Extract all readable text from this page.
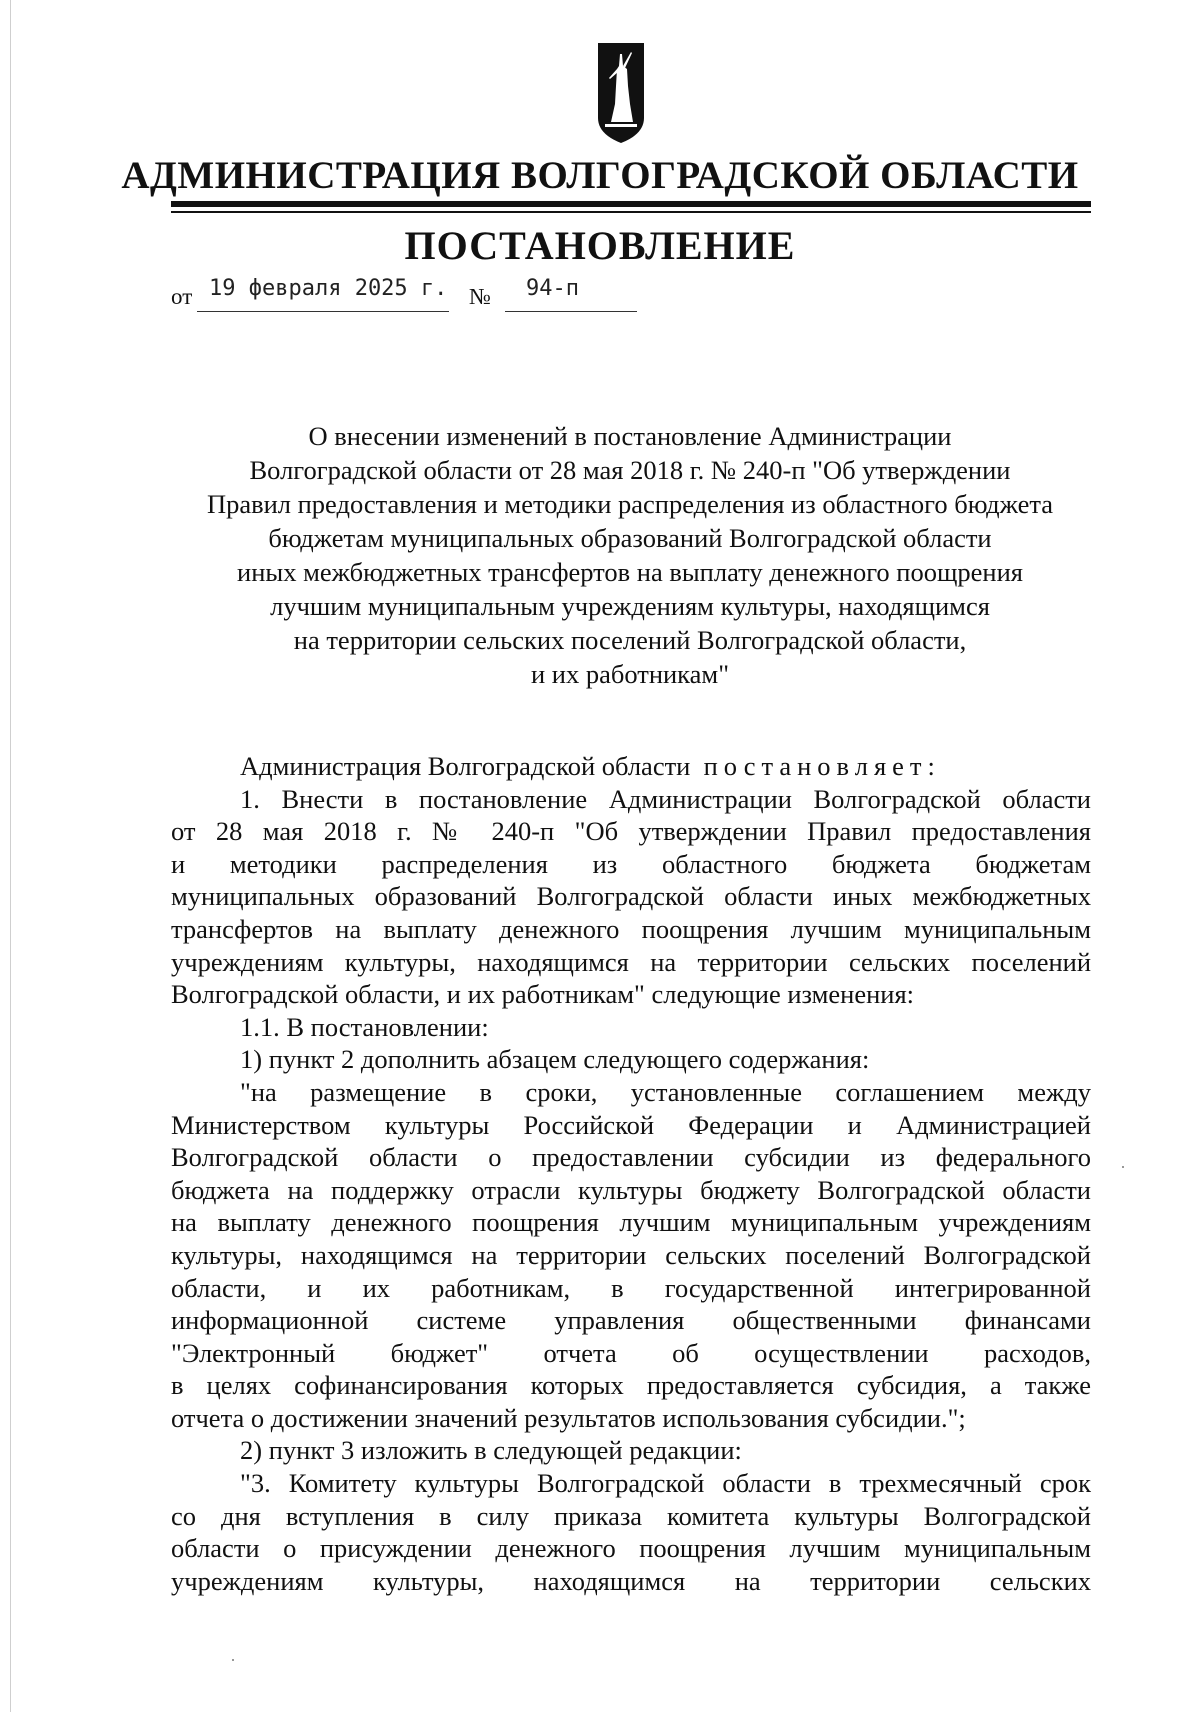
АДМИНИСТРАЦИЯ ВОЛГОГРАДСКОЙ ОБЛАСТИ
ПОСТАНОВЛЕНИЕ
от 19 февраля 2025 г. № 94-п
О внесении изменений в постановление Администрации
Волгоградской области от 28 мая 2018 г. № 240-п "Об утверждении
Правил предоставления и методики распределения из областного бюджета
бюджетам муниципальных образований Волгоградской области
иных межбюджетных трансфертов на выплату денежного поощрения
лучшим муниципальным учреждениям культуры, находящимся
на территории сельских поселений Волгоградской области,
и их работникам"
Администрация Волгоградской области постановляет:
1. Внести в постановление Администрации Волгоградской области
от 28 мая 2018 г. № 240-п "Об утверждении Правил предоставления
и методики распределения из областного бюджета бюджетам
муниципальных образований Волгоградской области иных межбюджетных
трансфертов на выплату денежного поощрения лучшим муниципальным
учреждениям культуры, находящимся на территории сельских поселений
Волгоградской области, и их работникам" следующие изменения:
1.1. В постановлении:
1) пункт 2 дополнить абзацем следующего содержания:
"на размещение в сроки, установленные соглашением между
Министерством культуры Российской Федерации и Администрацией
Волгоградской области о предоставлении субсидии из федерального
бюджета на поддержку отрасли культуры бюджету Волгоградской области
на выплату денежного поощрения лучшим муниципальным учреждениям
культуры, находящимся на территории сельских поселений Волгоградской
области, и их работникам, в государственной интегрированной
информационной системе управления общественными финансами
"Электронный бюджет" отчета об осуществлении расходов,
в целях софинансирования которых предоставляется субсидия, а также
отчета о достижении значений результатов использования субсидии.";
2) пункт 3 изложить в следующей редакции:
"3. Комитету культуры Волгоградской области в трехмесячный срок
со дня вступления в силу приказа комитета культуры Волгоградской
области о присуждении денежного поощрения лучшим муниципальным
учреждениям культуры, находящимся на территории сельских
